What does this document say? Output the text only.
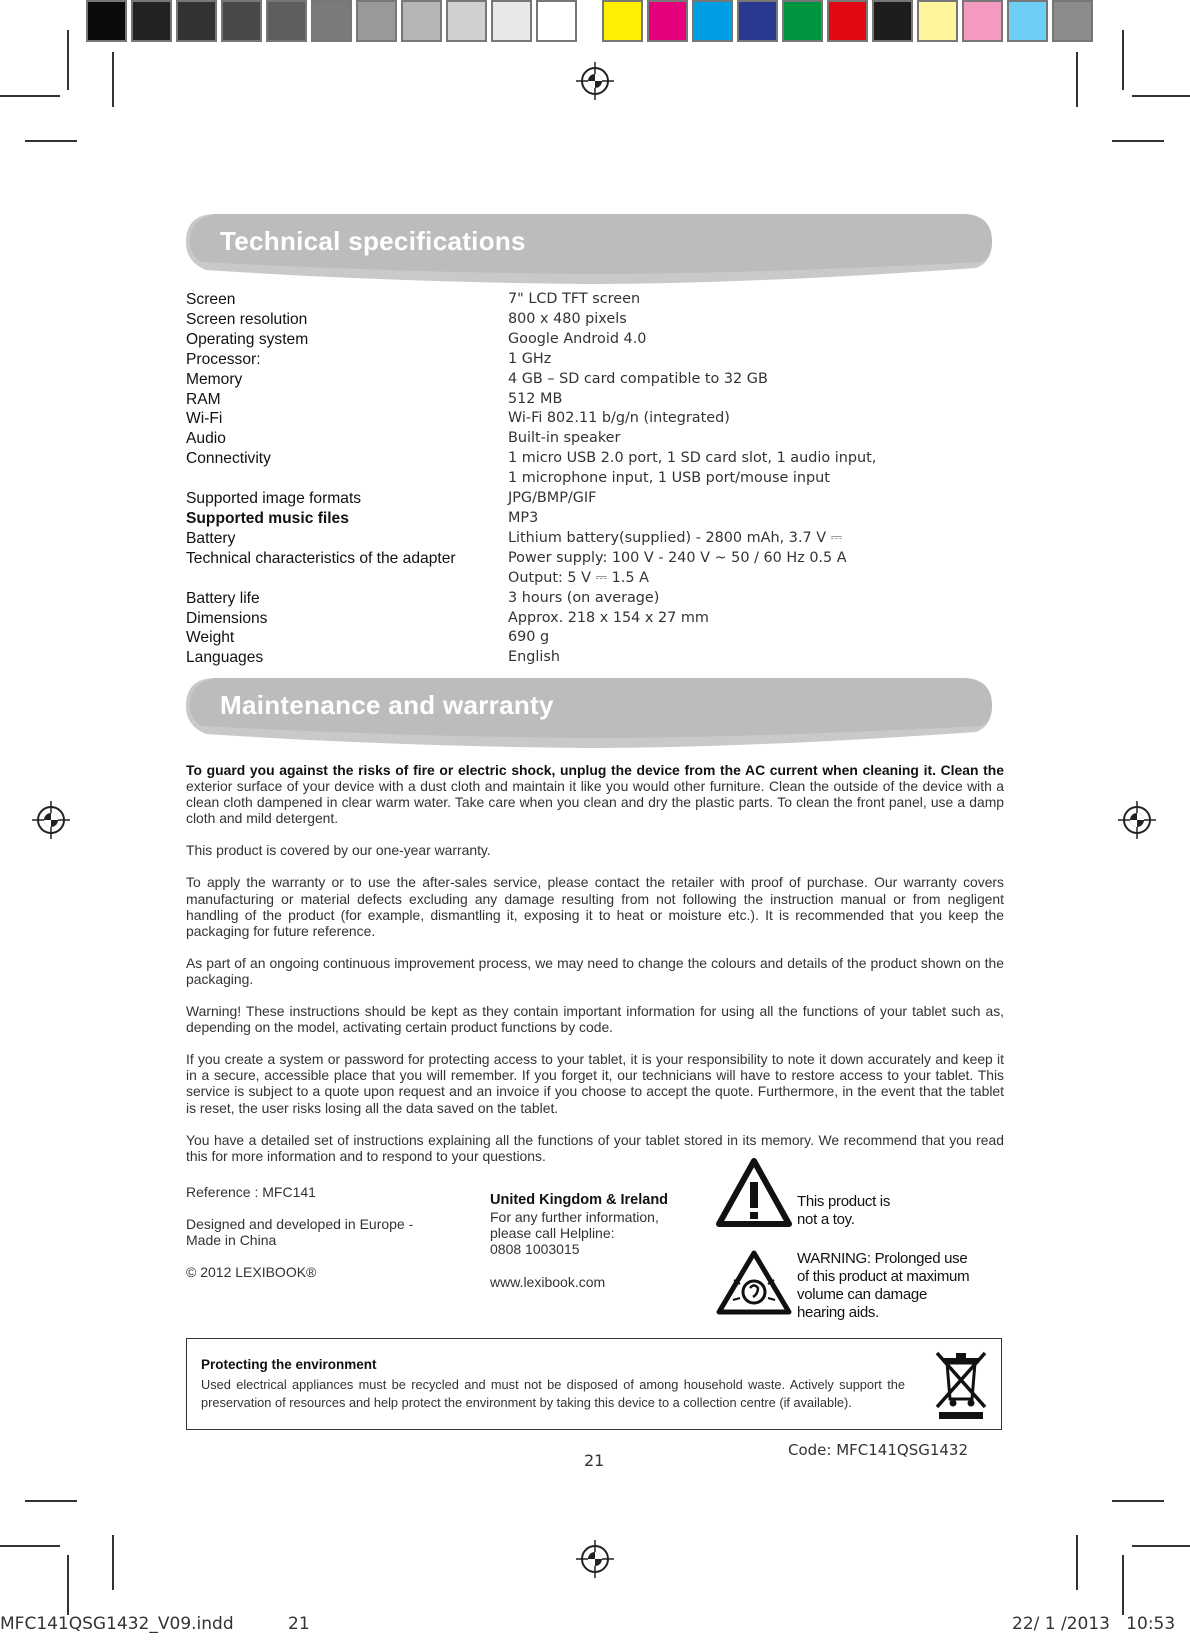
Technical specifications
Screen	7" LCD TFT screen
Screen resolution	800 x 480 pixels
Operating system	Google Android 4.0
Processor:	1 GHz
Memory	4 GB – SD card compatible to 32 GB
RAM	512 MB
Wi-Fi	Wi-Fi 802.11 b/g/n (integrated)
Audio	Built-in speaker
Connectivity	1 micro USB 2.0 port, 1 SD card slot, 1 audio input,
1 microphone input, 1 USB port/mouse input
Supported image formats	JPG/BMP/GIF
Supported music files	MP3
Battery	Lithium battery(supplied) - 2800 mAh, 3.7 V ⎓
Technical characteristics of the adapter	Power supply: 100 V - 240 V ~ 50 / 60 Hz 0.5 A
Output: 5 V ⎓ 1.5 A
Battery life	3 hours (on average)
Dimensions	Approx. 218 x 154 x 27 mm
Weight	690 g
Languages	English
Maintenance and warranty

To guard you against the risks of fire or electric shock, unplug the device from the AC current when cleaning it. Clean the exterior surface of your device with a dust cloth and maintain it like you would other furniture. Clean the outside of the device with a clean cloth dampened in clear warm water. Take care when you clean and dry the plastic parts. To clean the front panel, use a damp cloth and mild detergent.

This product is covered by our one-year warranty.

To apply the warranty or to use the after-sales service, please contact the retailer with proof of purchase. Our warranty covers manufacturing or material defects excluding any damage resulting from not following the instruction manual or from negligent handling of the product (for example, dismantling it, exposing it to heat or moisture etc.). It is recommended that you keep the packaging for future reference.

As part of an ongoing continuous improvement process, we may need to change the colours and details of the product shown on the packaging.

Warning! These instructions should be kept as they contain important information for using all the functions of your tablet such as, depending on the model, activating certain product functions by code.

If you create a system or password for protecting access to your tablet, it is your responsibility to note it down accurately and keep it in a secure, accessible place that you will remember. If you forget it, our technicians will have to restore access to your tablet. This service is subject to a quote upon request and an invoice if you choose to accept the quote. Furthermore, in the event that the tablet is reset, the user risks losing all the data saved on the tablet.

You have a detailed set of instructions explaining all the functions of your tablet stored in its memory. We recommend that you read this for more information and to respond to your questions.

Reference : MFC141
Designed and developed in Europe -
Made in China
© 2012 LEXIBOOK®
United Kingdom & Ireland
For any further information,
please call Helpline:
0808 1003015
www.lexibook.com
This product is
not a toy.
WARNING: Prolonged use
of this product at maximum
volume can damage
hearing aids.
Protecting the environment
Used electrical appliances must be recycled and must not be disposed of among household waste. Actively support the preservation of resources and help protect the environment by taking this device to a collection centre (if available).
21
Code: MFC141QSG1432
MFC141QSG1432_V09.indd	21	22/ 1 /2013   10:53
